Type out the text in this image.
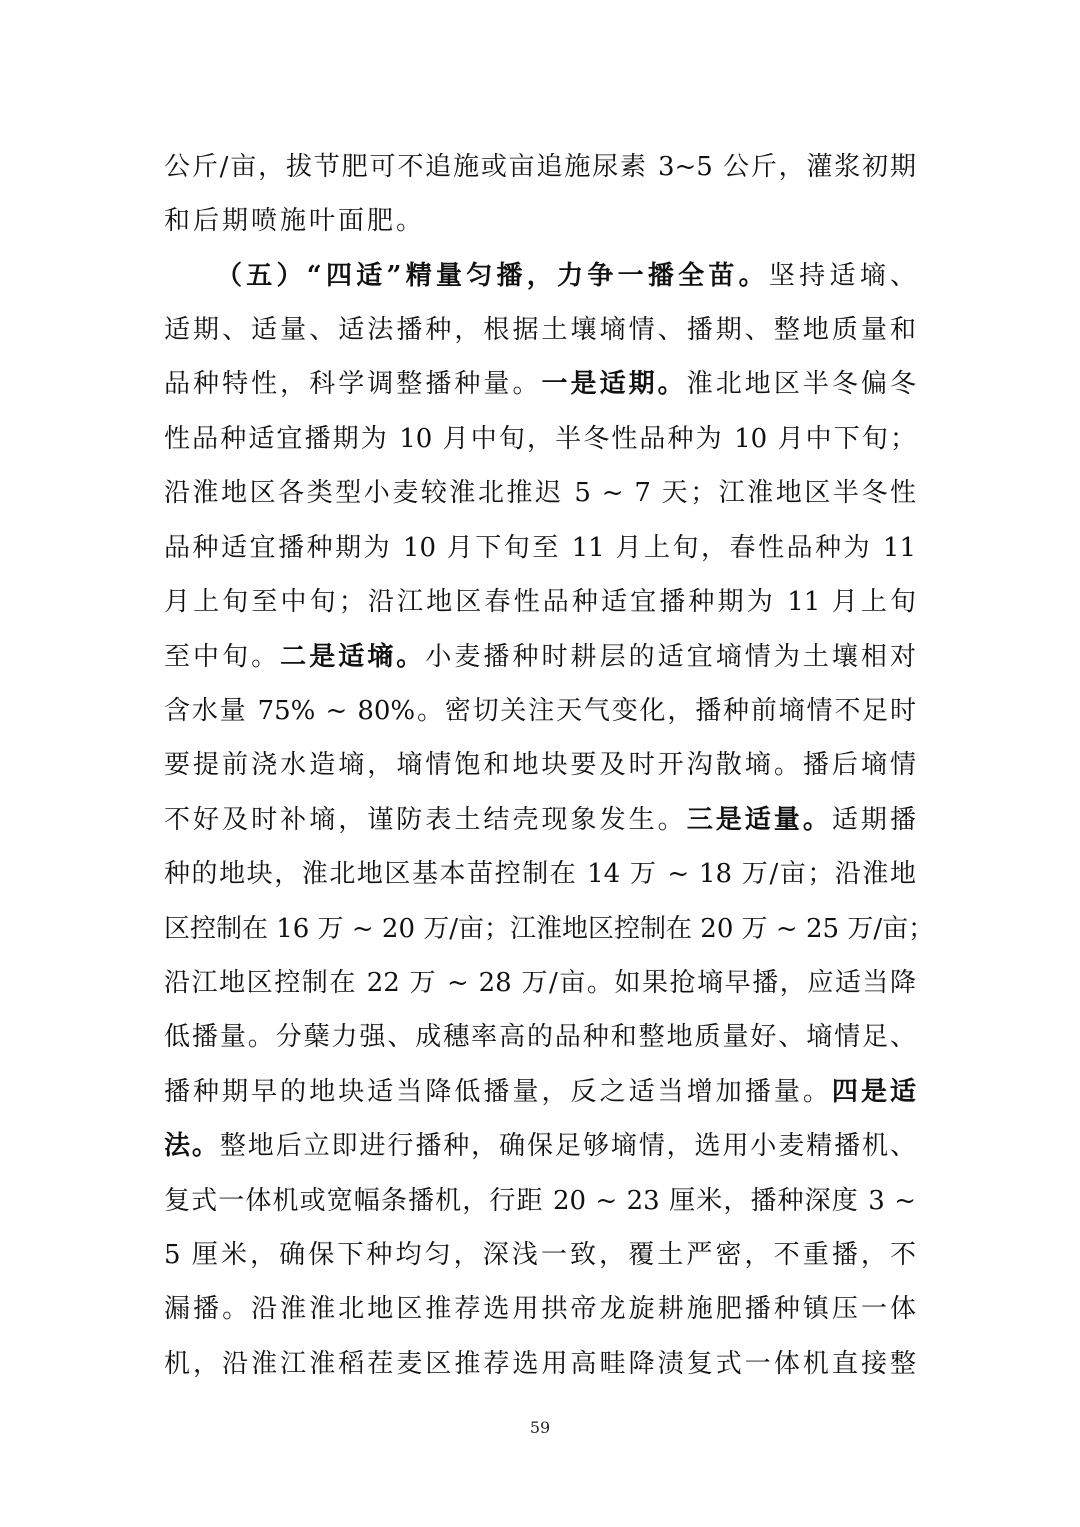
公斤/亩，拔节肥可不追施或亩追施尿素 3~5 公斤，灌浆初期
和后期喷施叶面肥。
（五）“四适”精量匀播，力争一播全苗。坚持适墒、
适期、适量、适法播种，根据土壤墒情、播期、整地质量和
品种特性，科学调整播种量。一是适期。淮北地区半冬偏冬
性品种适宜播期为 10 月中旬，半冬性品种为 10 月中下旬；
沿淮地区各类型小麦较淮北推迟 5 ~ 7 天；江淮地区半冬性
品种适宜播种期为 10 月下旬至 11 月上旬，春性品种为 11
月上旬至中旬；沿江地区春性品种适宜播种期为 11 月上旬
至中旬。二是适墒。小麦播种时耕层的适宜墒情为土壤相对
含水量 75% ~ 80%。密切关注天气变化，播种前墒情不足时
要提前浇水造墒，墒情饱和地块要及时开沟散墒。播后墒情
不好及时补墒，谨防表土结壳现象发生。三是适量。适期播
种的地块，淮北地区基本苗控制在 14 万 ~ 18 万/亩；沿淮地
区控制在 16 万 ~ 20 万/亩；江淮地区控制在 20 万 ~ 25 万/亩；
沿江地区控制在 22 万 ~ 28 万/亩。如果抢墒早播，应适当降
低播量。分蘖力强、成穗率高的品种和整地质量好、墒情足、
播种期早的地块适当降低播量，反之适当增加播量。四是适
法。整地后立即进行播种，确保足够墒情，选用小麦精播机、
复式一体机或宽幅条播机，行距 20 ~ 23 厘米，播种深度 3 ~
5 厘米，确保下种均匀，深浅一致，覆土严密，不重播，不
漏播。沿淮淮北地区推荐选用拱帝龙旋耕施肥播种镇压一体
机，沿淮江淮稻茬麦区推荐选用高畦降渍复式一体机直接整
59
